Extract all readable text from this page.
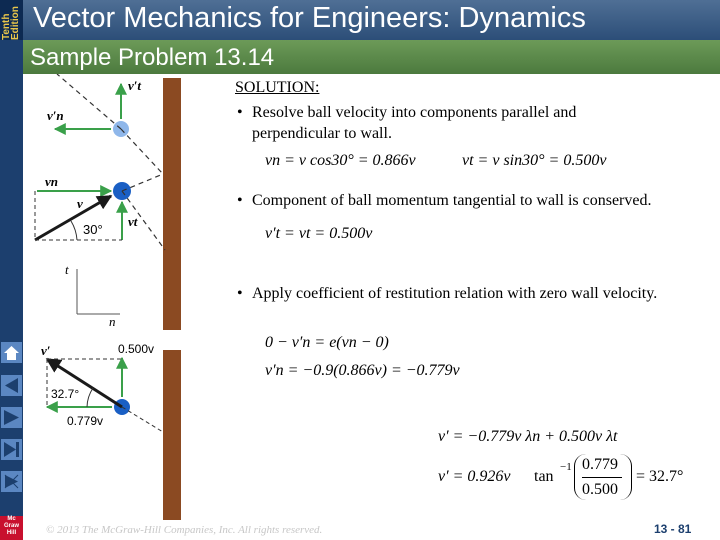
Tenth Edition Vector Mechanics for Engineers: Dynamics
Sample Problem 13.14
v′t
v′n
vn
v
30°
vt
t
n
v′	0.500v
32.7°
0.779v
SOLUTION:
• Resolve ball velocity into components parallel and
perpendicular to wall.
vn = v cos30° = 0.866v	vt = v sin30° = 0.500v
• Component of ball momentum tangential to wall is conserved.
v′t = vt = 0.500v
• Apply coefficient of restitution relation with zero wall velocity.
0 − v′n = e(vn − 0)
v′n = −0.9(0.866v) = −0.779v
v′ = −0.779v λn + 0.500v λt
v′ = 0.926v tan
−1 0.779
0.500
= 32.7°
© 2013 The McGraw-Hill Companies, Inc. All rights reserved.	13 - 81
Mc Graw Hill
